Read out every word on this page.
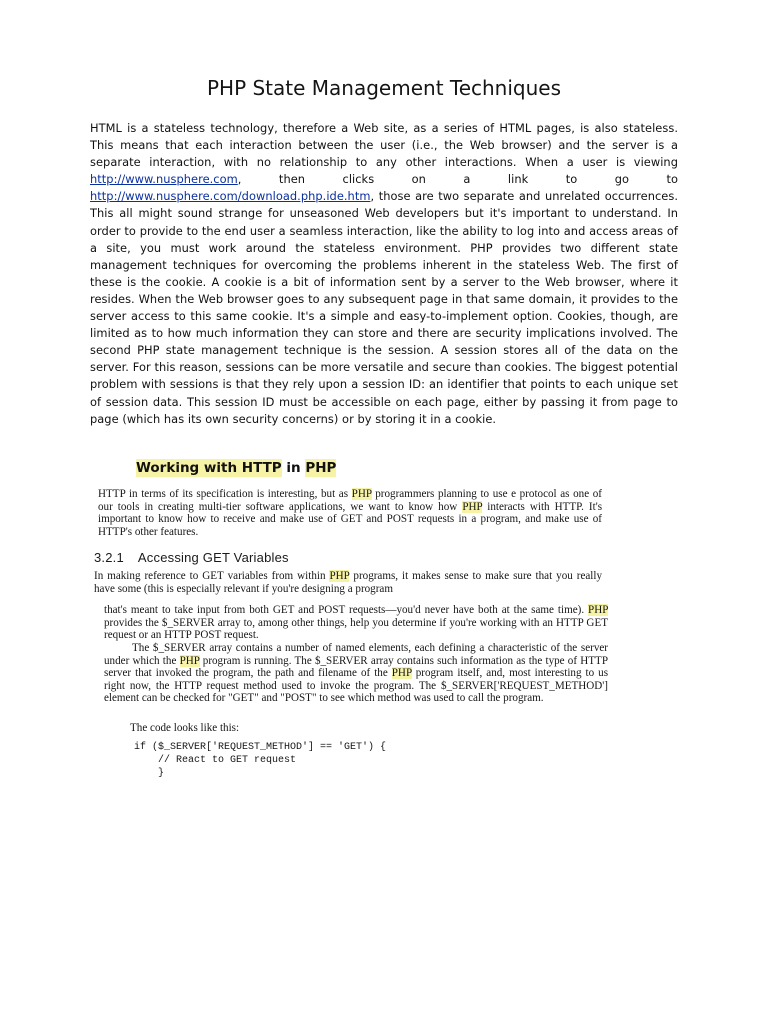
PHP State Management Techniques

HTML is a stateless technology, therefore a Web site, as a series of HTML pages, is also stateless. This means that each interaction between the user (i.e., the Web browser) and the server is a separate interaction, with no relationship to any other interactions. When a user is viewing http://www.nusphere.com, then clicks on a link to go to http://www.nusphere.com/download.php.ide.htm, those are two separate and unrelated occurrences. This all might sound strange for unseasoned Web developers but it's important to understand. In order to provide to the end user a seamless interaction, like the ability to log into and access areas of a site, you must work around the stateless environment. PHP provides two different state management techniques for overcoming the problems inherent in the stateless Web. The first of these is the cookie. A cookie is a bit of information sent by a server to the Web browser, where it resides. When the Web browser goes to any subsequent page in that same domain, it provides to the server access to this same cookie. It's a simple and easy-to-implement option. Cookies, though, are limited as to how much information they can store and there are security implications involved. The second PHP state management technique is the session. A session stores all of the data on the server. For this reason, sessions can be more versatile and secure than cookies. The biggest potential problem with sessions is that they rely upon a session ID: an identifier that points to each unique set of session data. This session ID must be accessible on each page, either by passing it from page to page (which has its own security concerns) or by storing it in a cookie.

Working with HTTP in PHP

HTTP in terms of its specification is interesting, but as PHP programmers planning to use e protocol as one of our tools in creating multi-tier software applications, we want to know how PHP interacts with HTTP. It's important to know how to receive and make use of GET and POST requests in a program, and make use of HTTP's other features.

3.2.1 Accessing GET Variables

In making reference to GET variables from within PHP programs, it makes sense to make sure that you really have some (this is especially relevant if you're designing a program

that's meant to take input from both GET and POST requests—you'd never have both at the same time). PHP provides the $_SERVER array to, among other things, help you determine if you're working with an HTTP GET request or an HTTP POST request.

The $_SERVER array contains a number of named elements, each defining a characteristic of the server under which the PHP program is running. The $_SERVER array contains such information as the type of HTTP server that invoked the program, the path and filename of the PHP program itself, and, most interesting to us right now, the HTTP request method used to invoke the program. The $_SERVER['REQUEST_METHOD'] element can be checked for "GET" and "POST" to see which method was used to call the program.

The code looks like this:

if ($_SERVER['REQUEST_METHOD'] == 'GET') {
// React to GET request
}
